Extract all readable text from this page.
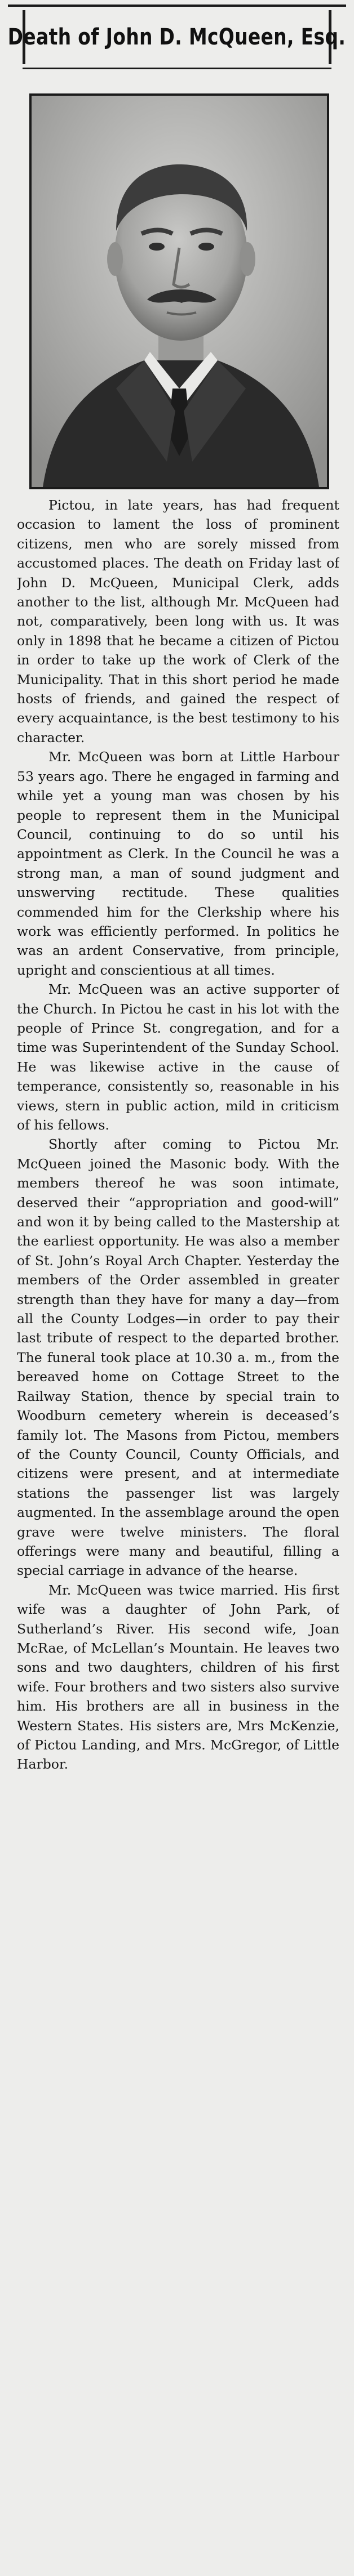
Death of John D. McQueen, Esq.

Pictou, in late years, has had frequent occasion to lament the loss of prominent citizens, men who are sorely missed from accustomed places. The death on Friday last of John D. McQueen, Municipal Clerk, adds another to the list, although Mr. McQueen had not, comparatively, been long with us. It was only in 1898 that he became a citizen of Pictou in order to take up the work of Clerk of the Municipality. That in this short period he made hosts of friends, and gained the respect of every acquaintance, is the best testimony to his character.

Mr. McQueen was born at Little Harbour 53 years ago. There he engaged in farming and while yet a young man was chosen by his people to represent them in the Municipal Council, continuing to do so until his appointment as Clerk. In the Council he was a strong man, a man of sound judgment and unswerving rectitude. These qualities commended him for the Clerkship where his work was efficiently performed. In politics he was an ardent Conservative, from principle, upright and conscientious at all times.

Mr. McQueen was an active supporter of the Church. In Pictou he cast in his lot with the people of Prince St. congregation, and for a time was Superintendent of the Sunday School. He was likewise active in the cause of temperance, consistently so, reasonable in his views, stern in public action, mild in criticism of his fellows.

Shortly after coming to Pictou Mr. McQueen joined the Masonic body. With the members thereof he was soon intimate, deserved their “appropriation and good-will” and won it by being called to the Mastership at the earliest opportunity. He was also a member of St. John’s Royal Arch Chapter. Yesterday the members of the Order assembled in greater strength than they have for many a day—from all the County Lodges—in order to pay their last tribute of respect to the departed brother. The funeral took place at 10.30 a. m., from the bereaved home on Cottage Street to the Railway Station, thence by special train to Woodburn cemetery wherein is deceased’s family lot. The Masons from Pictou, members of the County Council, County Officials, and citizens were present, and at intermediate stations the passenger list was largely augmented. In the assemblage around the open grave were twelve ministers. The floral offerings were many and beautiful, filling a special carriage in advance of the hearse.

Mr. McQueen was twice married. His first wife was a daughter of John Park, of Sutherland’s River. His second wife, Joan McRae, of McLellan’s Mountain. He leaves two sons and two daughters, children of his first wife. Four brothers and two sisters also survive him. His brothers are all in business in the Western States. His sisters are, Mrs McKenzie, of Pictou Landing, and Mrs. McGregor, of Little Harbor.
